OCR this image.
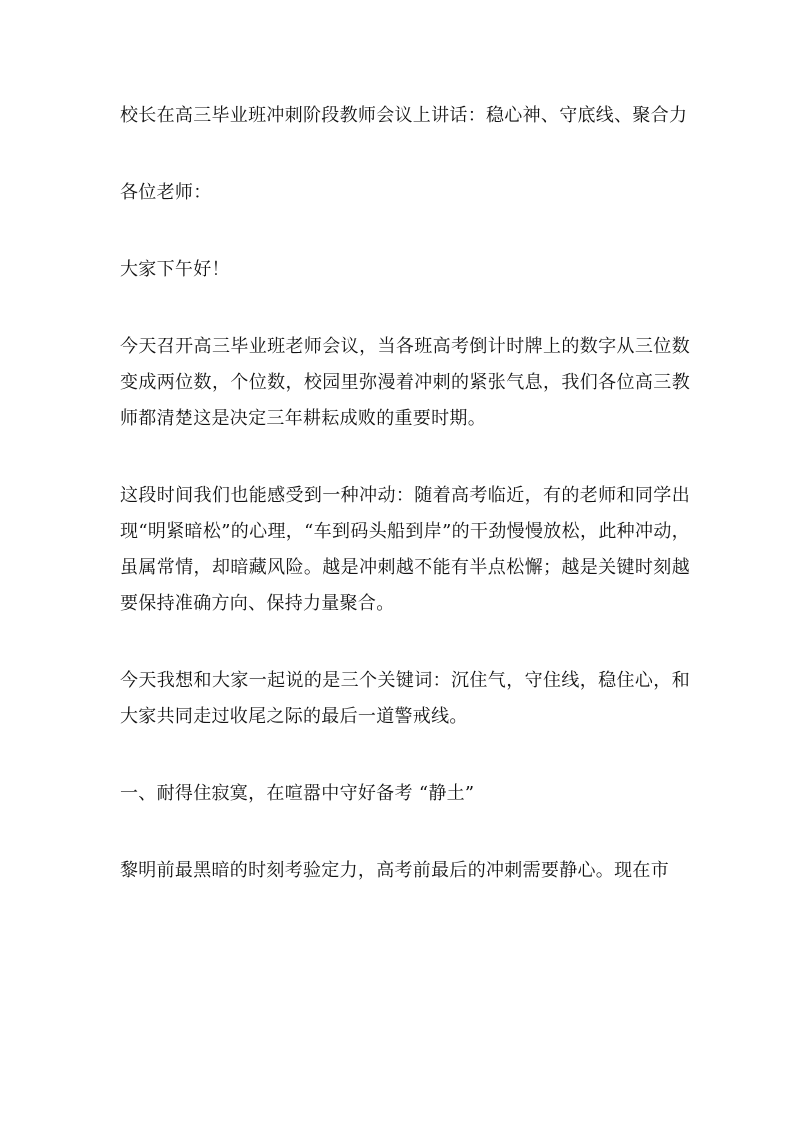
校长在高三毕业班冲刺阶段教师会议上讲话：稳心神、守底线、聚合力

各位老师：

大家下午好！

今天召开高三毕业班老师会议，当各班高考倒计时牌上的数字从三位数变成两位数，个位数，校园里弥漫着冲刺的紧张气息，我们各位高三教师都清楚这是决定三年耕耘成败的重要时期。

这段时间我们也能感受到一种冲动：随着高考临近，有的老师和同学出现“明紧暗松”的心理，“车到码头船到岸”的干劲慢慢放松，此种冲动，虽属常情，却暗藏风险。越是冲刺越不能有半点松懈；越是关键时刻越要保持准确方向、保持力量聚合。

今天我想和大家一起说的是三个关键词：沉住气，守住线，稳住心，和大家共同走过收尾之际的最后一道警戒线。

一、耐得住寂寞，在喧嚣中守好备考 “静土”

黎明前最黑暗的时刻考验定力，高考前最后的冲刺需要静心。现在市
